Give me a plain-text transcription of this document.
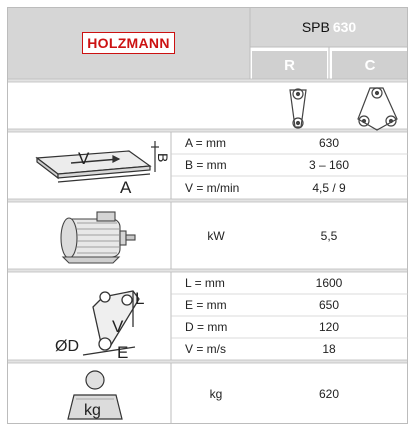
V
A
B
L
V
ØD E
kg
HOLZMANN
SPB 630
R	C
A = mm	630
B = mm	3 – 160
V = m/min	4,5 / 9
kW	5,5
L = mm	1600
E = mm	650
D = mm	120
V = m/s	18
kg	620
